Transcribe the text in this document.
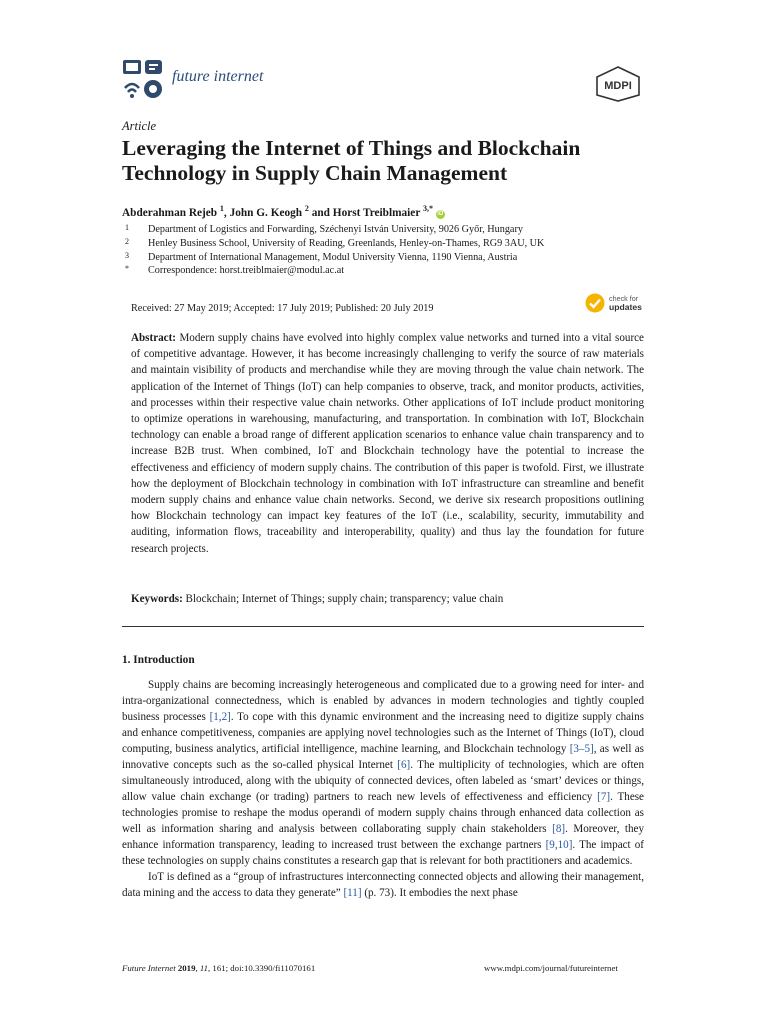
future internet
MDPI
Article
Leveraging the Internet of Things and Blockchain Technology in Supply Chain Management
Abderahman Rejeb $^1$, John G. Keogh $^2$ and Horst Treiblmaier $^{3,*}$ iD
1 Department of Logistics and Forwarding, Széchenyi István University, 9026 Győr, Hungary
2 Henley Business School, University of Reading, Greenlands, Henley-on-Thames, RG9 3AU, UK
3 Department of International Management, Modul University Vienna, 1190 Vienna, Austria
* Correspondence: horst.treiblmaier@modul.ac.at
Received: 27 May 2019; Accepted: 17 July 2019; Published: 20 July 2019
check for
updates
Abstract: Modern supply chains have evolved into highly complex value networks and turned into a vital source of competitive advantage. However, it has become increasingly challenging to verify the source of raw materials and maintain visibility of products and merchandise while they are moving through the value chain network. The application of the Internet of Things (IoT) can help companies to observe, track, and monitor products, activities, and processes within their respective value chain networks. Other applications of IoT include product monitoring to optimize operations in warehousing, manufacturing, and transportation. In combination with IoT, Blockchain technology can enable a broad range of different application scenarios to enhance value chain transparency and to increase B2B trust. When combined, IoT and Blockchain technology have the potential to increase the effectiveness and efficiency of modern supply chains. The contribution of this paper is twofold. First, we illustrate how the deployment of Blockchain technology in combination with IoT infrastructure can streamline and benefit modern supply chains and enhance value chain networks. Second, we derive six research propositions outlining how Blockchain technology can impact key features of the IoT (i.e., scalability, security, immutability and auditing, information flows, traceability and interoperability, quality) and thus lay the foundation for future research projects.
Keywords: Blockchain; Internet of Things; supply chain; transparency; value chain
1. Introduction

Supply chains are becoming increasingly heterogeneous and complicated due to a growing need for inter- and intra-organizational connectedness, which is enabled by advances in modern technologies and tightly coupled business processes [1,2]. To cope with this dynamic environment and the increasing need to digitize supply chains and enhance competitiveness, companies are applying novel technologies such as the Internet of Things (IoT), cloud computing, business analytics, artificial intelligence, machine learning, and Blockchain technology [3–5], as well as innovative concepts such as the so-called physical Internet [6]. The multiplicity of technologies, which are often simultaneously introduced, along with the ubiquity of connected devices, often labeled as ‘smart’ devices or things, allow value chain exchange (or trading) partners to reach new levels of effectiveness and efficiency [7]. These technologies promise to reshape the modus operandi of modern supply chains through enhanced data collection as well as information sharing and analysis between collaborating supply chain stakeholders [8]. Moreover, they enhance information transparency, leading to increased trust between the exchange partners [9,10]. The impact of these technologies on supply chains constitutes a research gap that is relevant for both practitioners and academics.

IoT is defined as a “group of infrastructures interconnecting connected objects and allowing their management, data mining and the access to data they generate” [11] (p. 73). It embodies the next phase

Future Internet 2019, 11, 161; doi:10.3390/fi11070161	www.mdpi.com/journal/futureinternet
